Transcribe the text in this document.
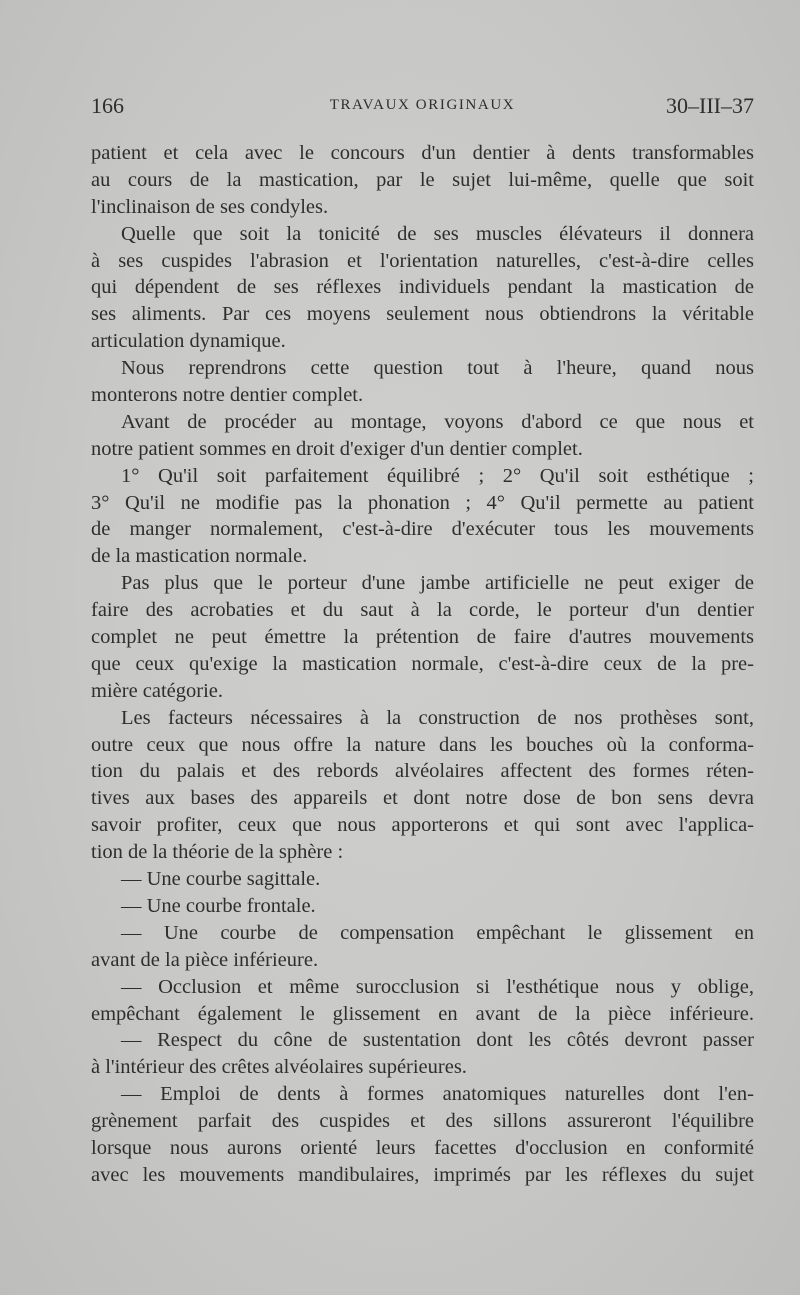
166	TRAVAUX ORIGINAUX	30–III–37
patient et cela avec le concours d'un dentier à dents transformables
au cours de la mastication, par le sujet lui-même, quelle que soit
l'inclinaison de ses condyles.
Quelle que soit la tonicité de ses muscles élévateurs il donnera
à ses cuspides l'abrasion et l'orientation naturelles, c'est-à-dire celles
qui dépendent de ses réflexes individuels pendant la mastication de
ses aliments. Par ces moyens seulement nous obtiendrons la véritable
articulation dynamique.
Nous reprendrons cette question tout à l'heure, quand nous
monterons notre dentier complet.
Avant de procéder au montage, voyons d'abord ce que nous et
notre patient sommes en droit d'exiger d'un dentier complet.
1° Qu'il soit parfaitement équilibré ; 2° Qu'il soit esthétique ;
3° Qu'il ne modifie pas la phonation ; 4° Qu'il permette au patient
de manger normalement, c'est-à-dire d'exécuter tous les mouvements
de la mastication normale.
Pas plus que le porteur d'une jambe artificielle ne peut exiger de
faire des acrobaties et du saut à la corde, le porteur d'un dentier
complet ne peut émettre la prétention de faire d'autres mouvements
que ceux qu'exige la mastication normale, c'est-à-dire ceux de la pre-
mière catégorie.
Les facteurs nécessaires à la construction de nos prothèses sont,
outre ceux que nous offre la nature dans les bouches où la conforma-
tion du palais et des rebords alvéolaires affectent des formes réten-
tives aux bases des appareils et dont notre dose de bon sens devra
savoir profiter, ceux que nous apporterons et qui sont avec l'applica-
tion de la théorie de la sphère :
— Une courbe sagittale.
— Une courbe frontale.
— Une courbe de compensation empêchant le glissement en
avant de la pièce inférieure.
— Occlusion et même surocclusion si l'esthétique nous y oblige,
empêchant également le glissement en avant de la pièce inférieure.
— Respect du cône de sustentation dont les côtés devront passer
à l'intérieur des crêtes alvéolaires supérieures.
— Emploi de dents à formes anatomiques naturelles dont l'en-
grènement parfait des cuspides et des sillons assureront l'équilibre
lorsque nous aurons orienté leurs facettes d'occlusion en conformité
avec les mouvements mandibulaires, imprimés par les réflexes du sujet
